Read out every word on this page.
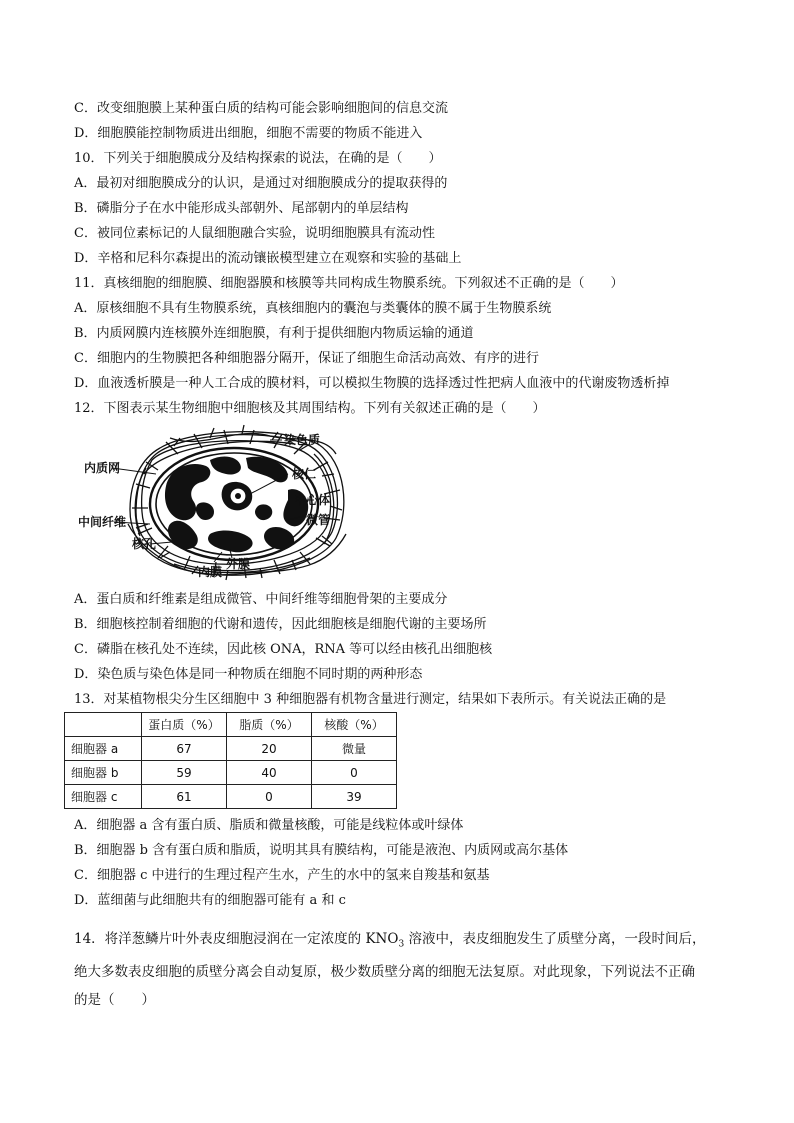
C．改变细胞膜上某种蛋白质的结构可能会影响细胞间的信息交流
D．细胞膜能控制物质进出细胞，细胞不需要的物质不能进入
10．下列关于细胞膜成分及结构探索的说法，在确的是（　　）
A．最初对细胞膜成分的认识，是通过对细胞膜成分的提取获得的
B．磷脂分子在水中能形成头部朝外、尾部朝内的单层结构
C．被同位素标记的人鼠细胞融合实验，说明细胞膜具有流动性
D．辛格和尼科尔森提出的流动镶嵌模型建立在观察和实验的基础上
11．真核细胞的细胞膜、细胞器膜和核膜等共同构成生物膜系统。下列叙述不正确的是（　　）
A．原核细胞不具有生物膜系统，真核细胞内的囊泡与类囊体的膜不属于生物膜系统
B．内质网膜内连核膜外连细胞膜，有利于提供细胞内物质运输的通道
C．细胞内的生物膜把各种细胞器分隔开，保证了细胞生命活动高效、有序的进行
D．血液透析膜是一种人工合成的膜材料，可以模拟生物膜的选择透过性把病人血液中的代谢废物透析掉
12．下图表示某生物细胞中细胞核及其周围结构。下列有关叙述正确的是（　　）
染色质
内质网	核仁
中心体
微管
中间纤维
核孔
内膜
外膜
A．蛋白质和纤维素是组成微管、中间纤维等细胞骨架的主要成分
B．细胞核控制着细胞的代谢和遗传，因此细胞核是细胞代谢的主要场所
C．磷脂在核孔处不连续，因此核 ONA，RNA 等可以经由核孔出细胞核
D．染色质与染色体是同一种物质在细胞不同时期的两种形态
13．对某植物根尖分生区细胞中 3 种细胞器有机物含量进行测定，结果如下表所示。有关说法正确的是
	蛋白质（%）	脂质（%）	核酸（%）
细胞器 a	67	20	微量
细胞器 b	59	40	0
细胞器 c	61	0	39
A．细胞器 a 含有蛋白质、脂质和微量核酸，可能是线粒体或叶绿体
B．细胞器 b 含有蛋白质和脂质，说明其具有膜结构，可能是液泡、内质网或高尔基体
C．细胞器 c 中进行的生理过程产生水，产生的水中的氢来自羧基和氨基
D．蓝细菌与此细胞共有的细胞器可能有 a 和 c
14．将洋葱鳞片叶外表皮细胞浸润在一定浓度的 $KNO_3$ 溶液中，表皮细胞发生了质壁分离，一段时间后，
绝大多数表皮细胞的质壁分离会自动复原，极少数质壁分离的细胞无法复原。对此现象，下列说法不正确
的是（　　）
